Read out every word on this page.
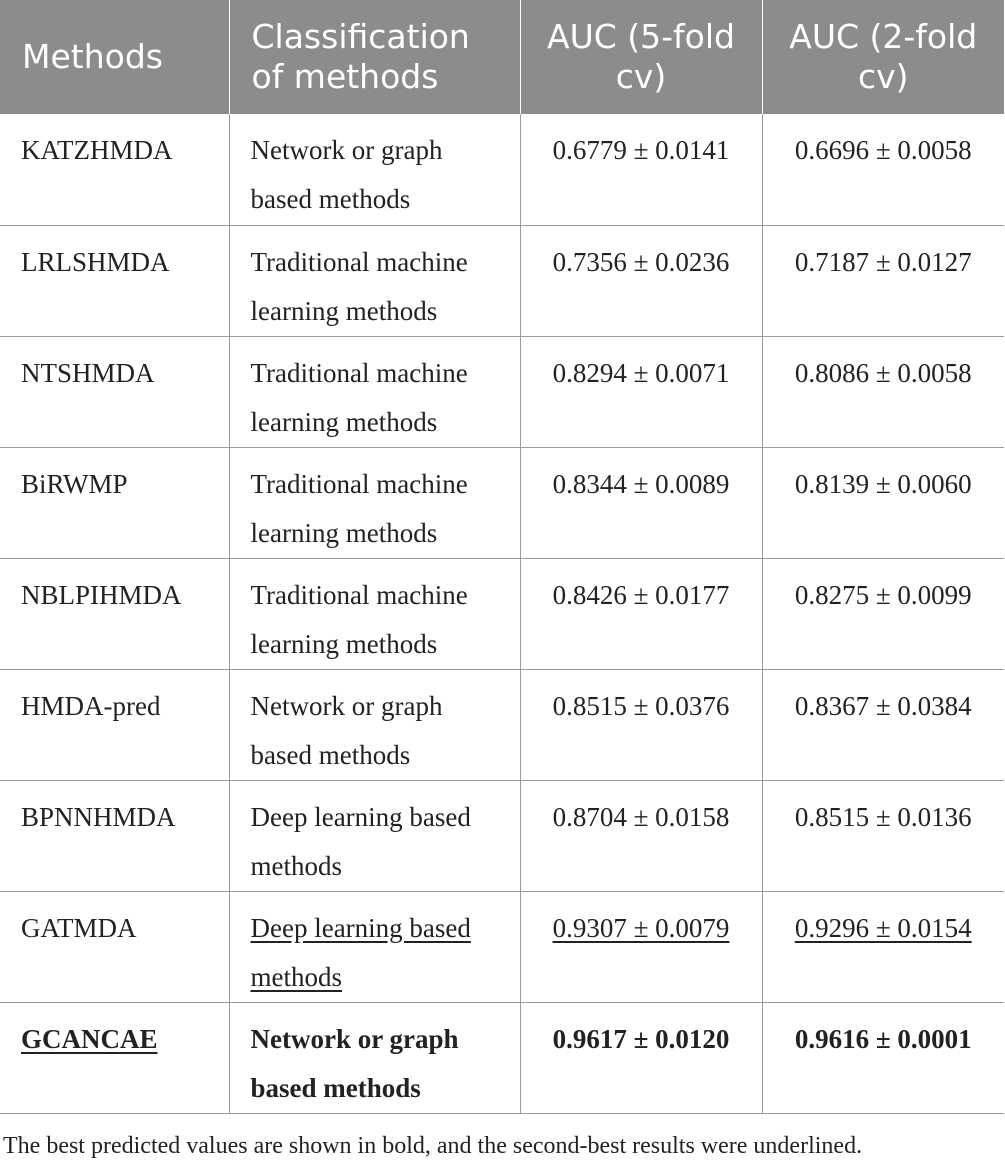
Methods	Classification of methods	AUC (5-fold cv)	AUC (2-fold cv)
KATZHMDA	Network or graph based methods	0.6779 ± 0.0141	0.6696 ± 0.0058
LRLSHMDA	Traditional machine learning methods	0.7356 ± 0.0236	0.7187 ± 0.0127
NTSHMDA	Traditional machine learning methods	0.8294 ± 0.0071	0.8086 ± 0.0058
BiRWMP	Traditional machine learning methods	0.8344 ± 0.0089	0.8139 ± 0.0060
NBLPIHMDA	Traditional machine learning methods	0.8426 ± 0.0177	0.8275 ± 0.0099
HMDA-pred	Network or graph based methods	0.8515 ± 0.0376	0.8367 ± 0.0384
BPNNHMDA	Deep learning based methods	0.8704 ± 0.0158	0.8515 ± 0.0136
GATMDA	Deep learning based methods	0.9307 ± 0.0079	0.9296 ± 0.0154
GCANCAE	Network or graph based methods	0.9617 ± 0.0120	0.9616 ± 0.0001
The best predicted values are shown in bold, and the second-best results were underlined.
